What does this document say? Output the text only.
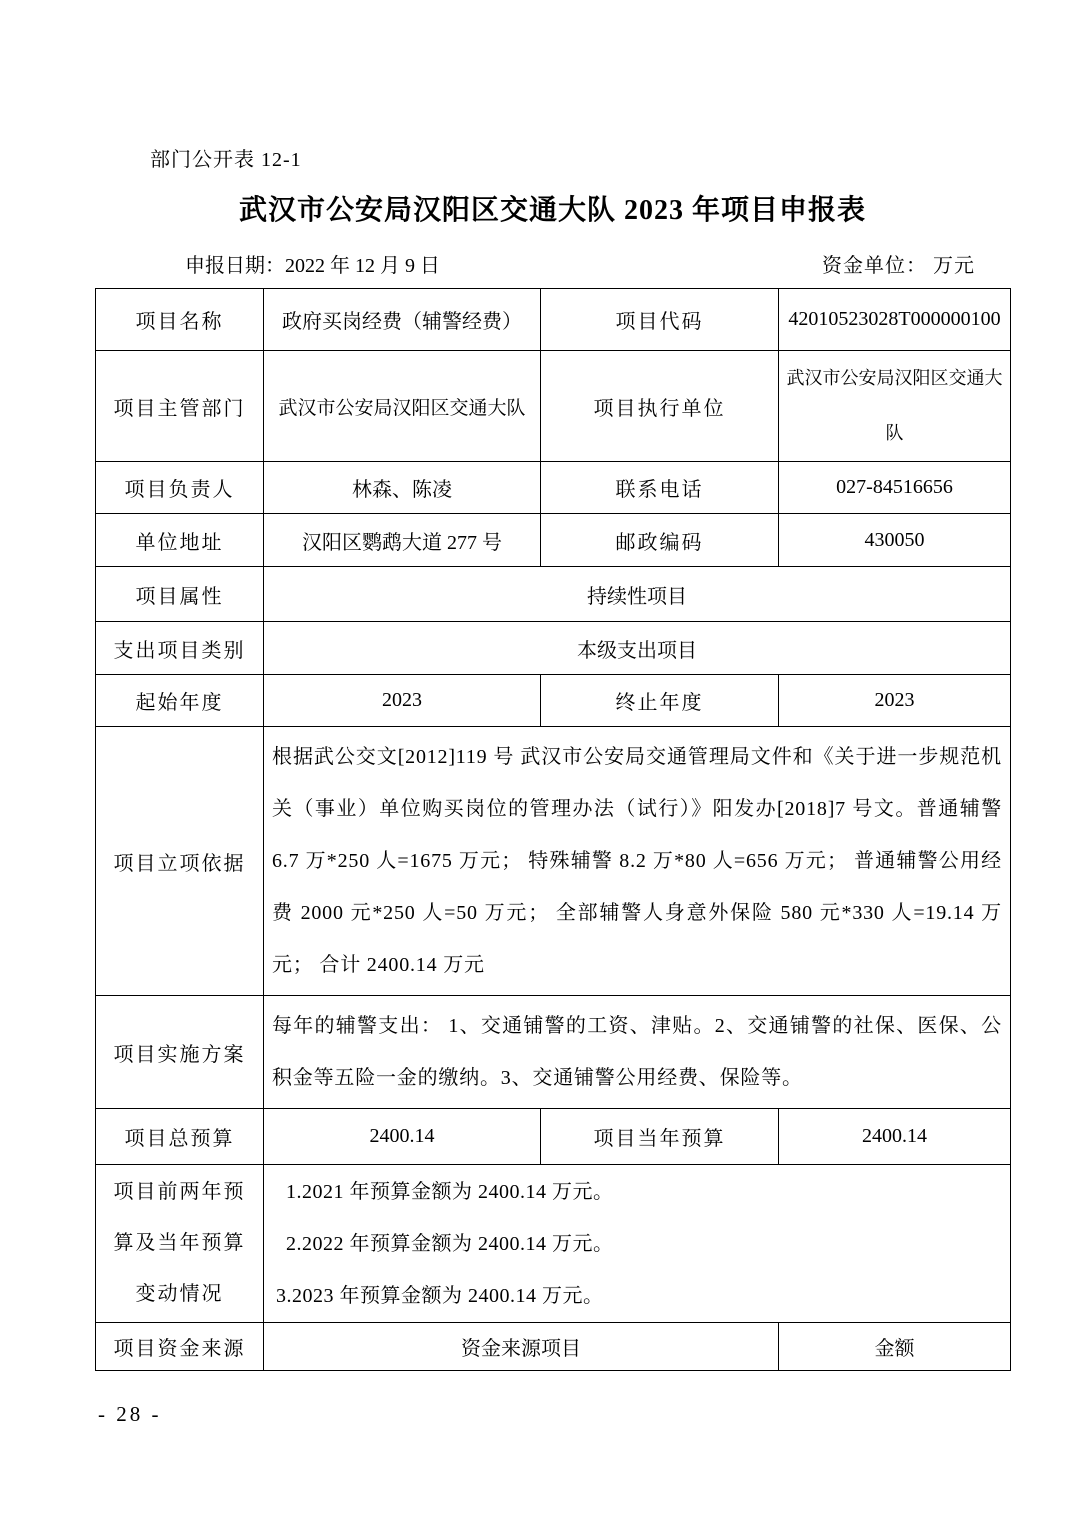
部门公开表 12-1
武汉市公安局汉阳区交通大队 2023 年项目申报表
申报日期：2022 年 12 月 9 日	资金单位： 万元
项目名称	政府买岗经费（辅警经费）	项目代码	42010523028T000000100
项目主管部门	武汉市公安局汉阳区交通大队	项目执行单位	武汉市公安局汉阳区交通大队
项目负责人	林森、陈凌	联系电话	027-84516656
单位地址	汉阳区鹦鹉大道 277 号	邮政编码	430050
项目属性	持续性项目		
支出项目类别	本级支出项目		
起始年度	2023	终止年度	2023
项目立项依据	根据武公交文[2012]119 号 武汉市公安局交通管理局文件和《关于进一步规范机关（事业）单位购买岗位的管理办法（试行）》阳发办[2018]7 号文。普通辅警 6.7 万*250 人=1675 万元； 特殊辅警 8.2 万*80 人=656 万元； 普通辅警公用经费 2000 元*250 人=50 万元； 全部辅警人身意外保险 580 元*330 人=19.14 万元； 合计 2400.14 万元		
项目实施方案	每年的辅警支出： 1、交通铺警的工资、津贴。2、交通铺警的社保、医保、公积金等五险一金的缴纳。3、交通铺警公用经费、保险等。		
项目总预算	2400.14	项目当年预算	2400.14
项目前两年预算及当年预算变动情况	1.2021 年预算金额为 2400.14 万元。
2.2022 年预算金额为 2400.14 万元。
3.2023 年预算金额为 2400.14 万元。		

项目资金来源	资金来源项目		金额
- 28 -
